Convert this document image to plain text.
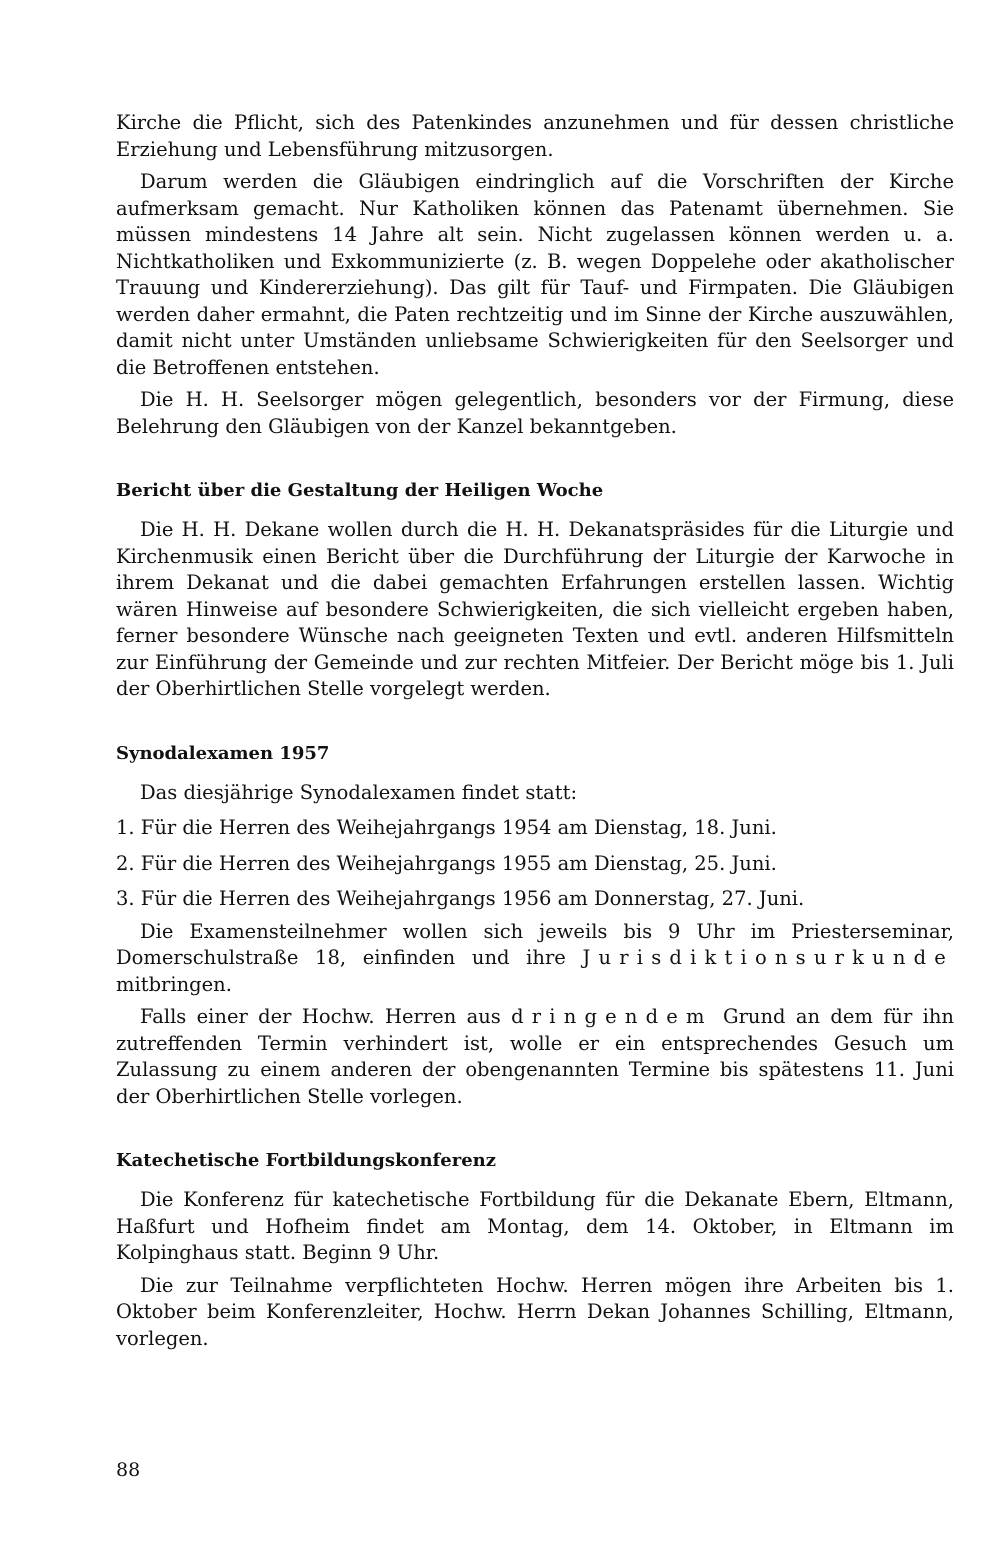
Kirche die Pflicht, sich des Patenkindes anzunehmen und für dessen christliche Erziehung und Lebensführung mitzusorgen.

Darum werden die Gläubigen eindringlich auf die Vorschriften der Kirche aufmerksam gemacht. Nur Katholiken können das Patenamt übernehmen. Sie müssen mindestens 14 Jahre alt sein. Nicht zugelassen können werden u. a. Nichtkatholiken und Exkommunizierte (z. B. wegen Doppelehe oder akatholischer Trauung und Kindererziehung). Das gilt für Tauf- und Firmpaten. Die Gläubigen werden daher ermahnt, die Paten rechtzeitig und im Sinne der Kirche auszuwählen, damit nicht unter Umständen unliebsame Schwierigkeiten für den Seelsorger und die Betroffenen entstehen.

Die H. H. Seelsorger mögen gelegentlich, besonders vor der Firmung, diese Belehrung den Gläubigen von der Kanzel bekanntgeben.

Bericht über die Gestaltung der Heiligen Woche

Die H. H. Dekane wollen durch die H. H. Dekanatspräsides für die Liturgie und Kirchenmusik einen Bericht über die Durchführung der Liturgie der Karwoche in ihrem Dekanat und die dabei gemachten Erfahrungen erstellen lassen. Wichtig wären Hinweise auf besondere Schwierigkeiten, die sich vielleicht ergeben haben, ferner besondere Wünsche nach geeigneten Texten und evtl. anderen Hilfsmitteln zur Einführung der Gemeinde und zur rechten Mitfeier. Der Bericht möge bis 1. Juli der Oberhirtlichen Stelle vorgelegt werden.

Synodalexamen 1957

Das diesjährige Synodalexamen findet statt:

1. Für die Herren des Weihejahrgangs 1954 am Dienstag, 18. Juni.

2. Für die Herren des Weihejahrgangs 1955 am Dienstag, 25. Juni.

3. Für die Herren des Weihejahrgangs 1956 am Donnerstag, 27. Juni.

Die Examensteilnehmer wollen sich jeweils bis 9 Uhr im Priesterseminar, Domerschulstraße 18, einfinden und ihre Jurisdiktionsurkunde mitbringen.

Falls einer der Hochw. Herren aus dringendem Grund an dem für ihn zutreffenden Termin verhindert ist, wolle er ein entsprechendes Gesuch um Zulassung zu einem anderen der obengenannten Termine bis spätestens 11. Juni der Oberhirtlichen Stelle vorlegen.

Katechetische Fortbildungskonferenz

Die Konferenz für katechetische Fortbildung für die Dekanate Ebern, Eltmann, Haßfurt und Hofheim findet am Montag, dem 14. Oktober, in Eltmann im Kolpinghaus statt. Beginn 9 Uhr.

Die zur Teilnahme verpflichteten Hochw. Herren mögen ihre Arbeiten bis 1. Oktober beim Konferenzleiter, Hochw. Herrn Dekan Johannes Schilling, Eltmann, vorlegen.

88
